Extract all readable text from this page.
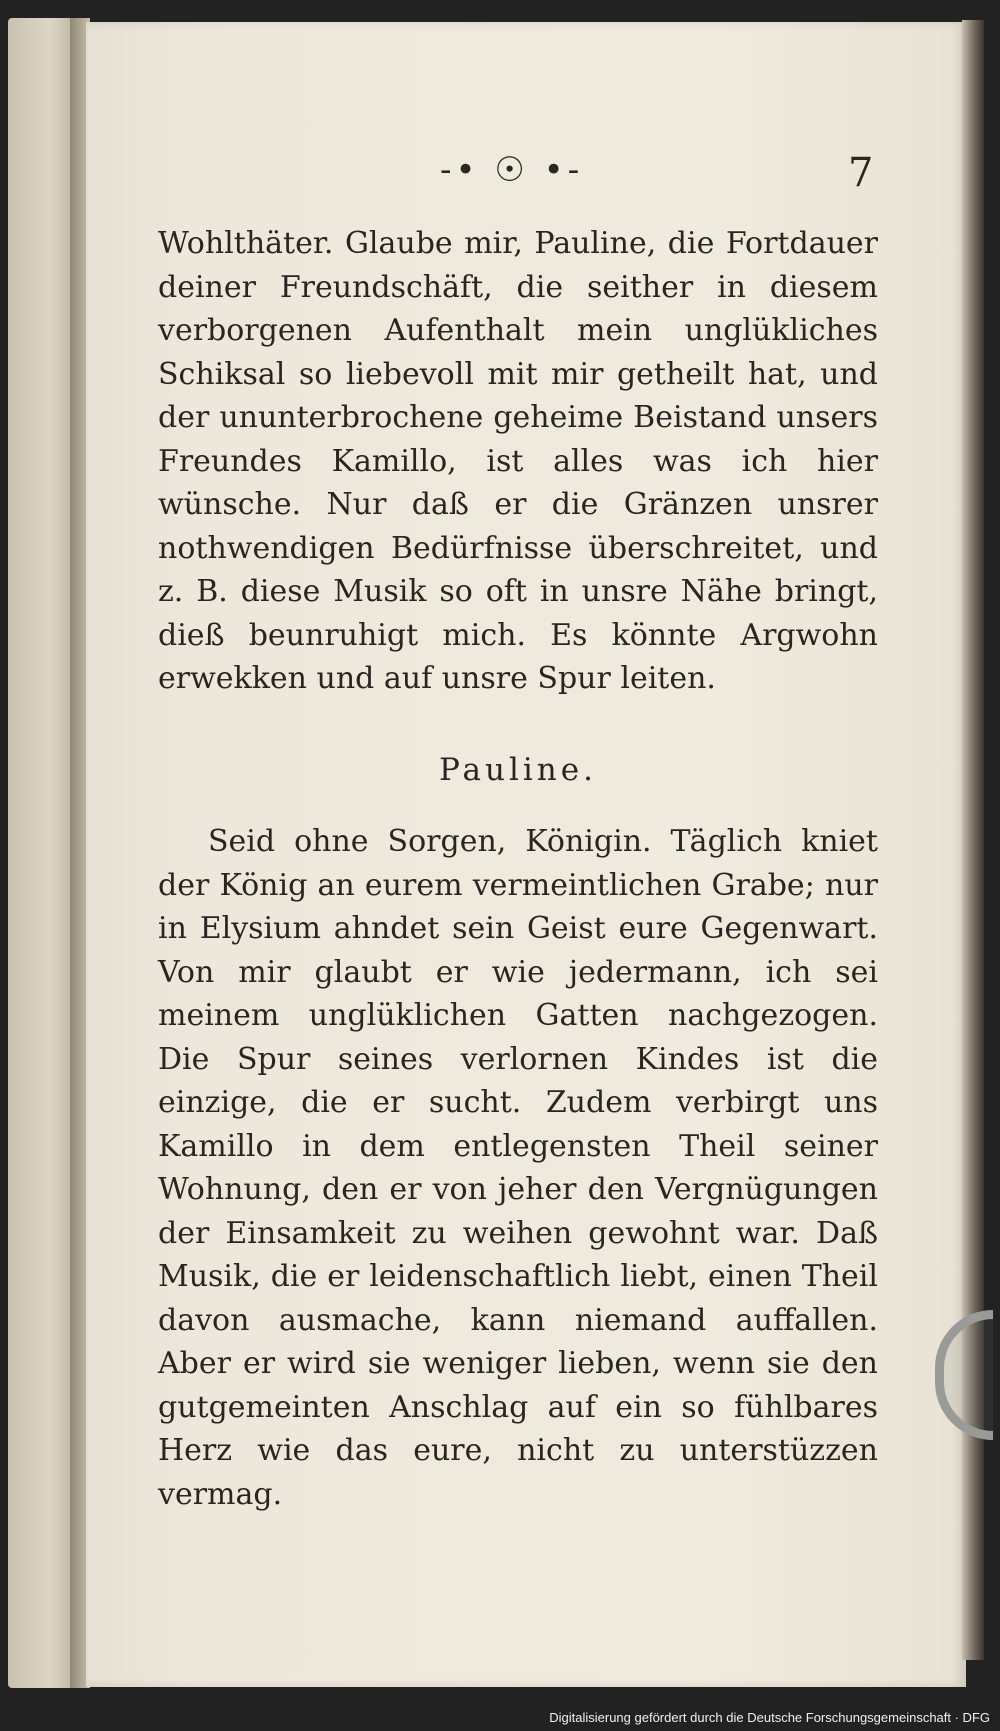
-• ☉ •-	7

Wohlthäter. Glaube mir, Pauline, die Fortdauer deiner Freundschäft, die seither in diesem verborgenen Aufenthalt mein unglükliches Schiksal so liebevoll mit mir getheilt hat, und der ununterbrochene geheime Beistand unsers Freundes Kamillo, ist alles was ich hier wünsche. Nur daß er die Gränzen unsrer nothwendigen Bedürfnisse überschreitet, und z. B. diese Musik so oft in unsre Nähe bringt, dieß beunruhigt mich. Es könnte Argwohn erwekken und auf unsre Spur leiten.

Pauline.

Seid ohne Sorgen, Königin. Täglich kniet der König an eurem vermeintlichen Grabe; nur in Elysium ahndet sein Geist eure Gegenwart. Von mir glaubt er wie jedermann, ich sei meinem unglüklichen Gatten nachgezogen. Die Spur seines verlornen Kindes ist die einzige, die er sucht. Zudem verbirgt uns Kamillo in dem entlegensten Theil seiner Wohnung, den er von jeher den Vergnügungen der Einsamkeit zu weihen gewohnt war. Daß Musik, die er leidenschaftlich liebt, einen Theil davon ausmache, kann niemand auffallen. Aber er wird sie weniger lieben, wenn sie den gutgemeinten Anschlag auf ein so fühlbares Herz wie das eure, nicht zu unterstüzzen vermag.

Digitalisierung gefördert durch die Deutsche Forschungsgemeinschaft · DFG
